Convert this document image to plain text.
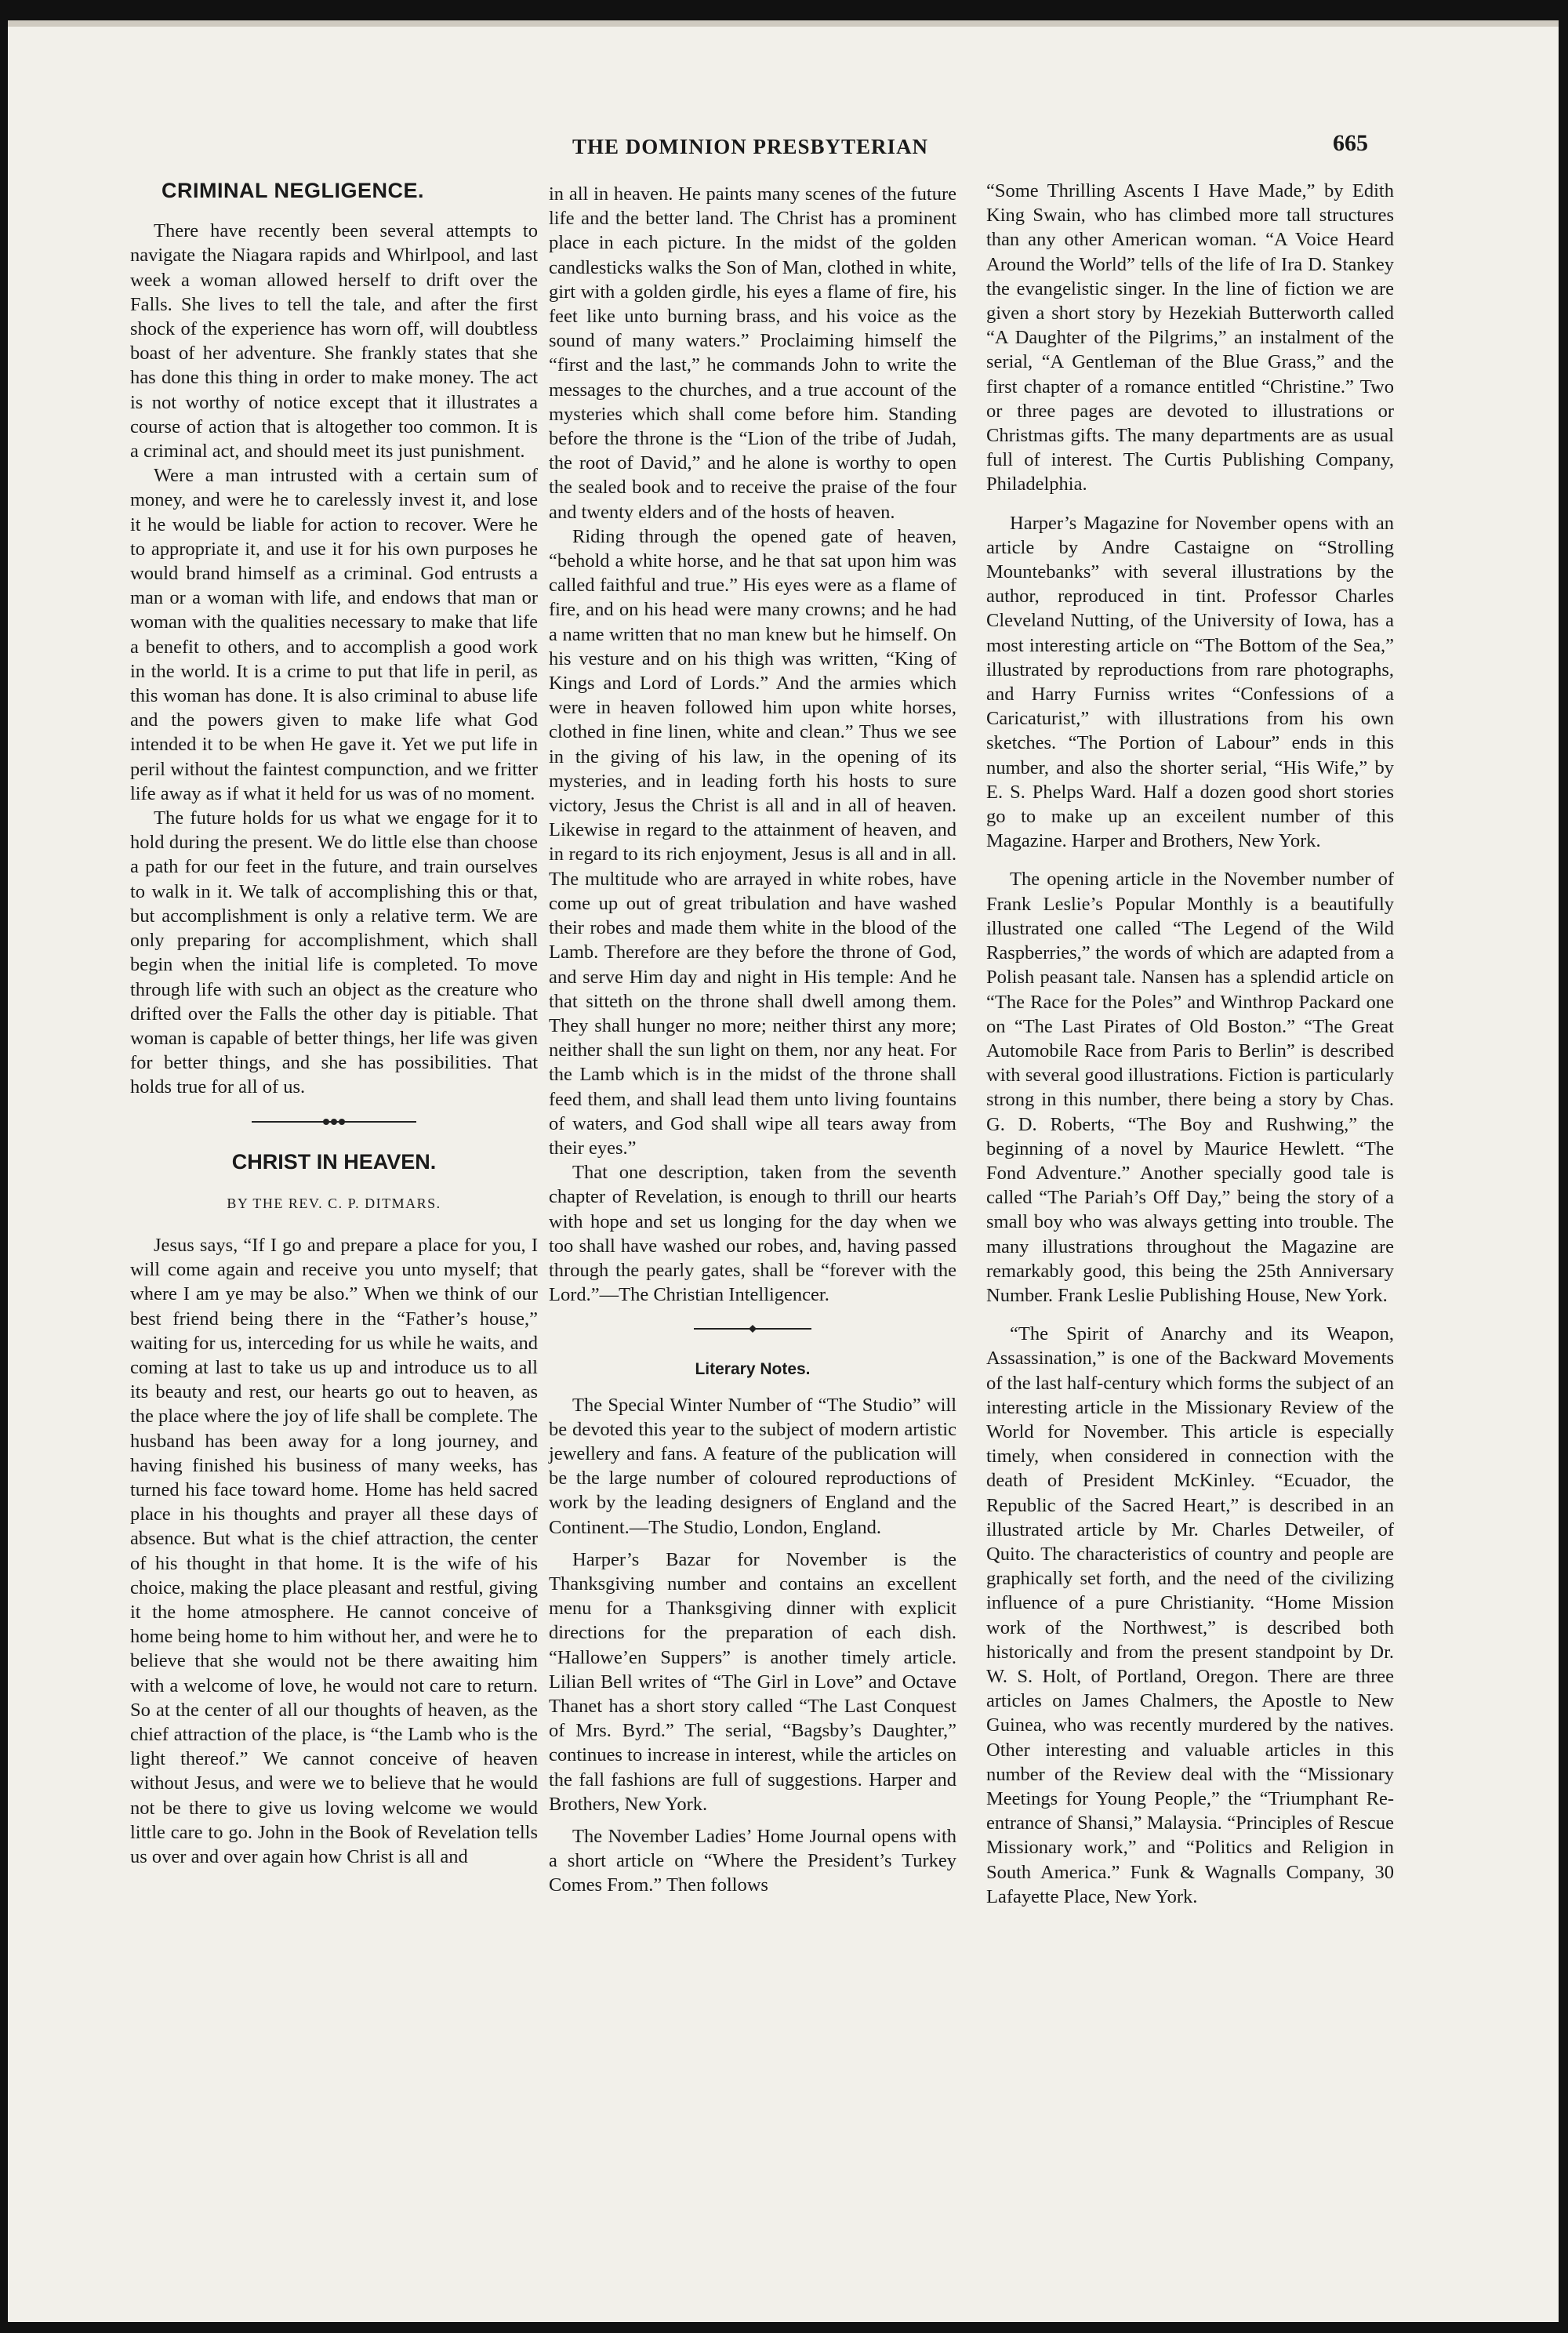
THE DOMINION PRESBYTERIAN	665
CRIMINAL NEGLIGENCE.

There have recently been several attempts to navigate the Niagara rapids and Whirlpool, and last week a woman allowed herself to drift over the Falls. She lives to tell the tale, and after the first shock of the experience has worn off, will doubtless boast of her adventure. She frankly states that she has done this thing in order to make money. The act is not worthy of notice except that it illustrates a course of action that is altogether too common. It is a criminal act, and should meet its just punishment.

Were a man intrusted with a certain sum of money, and were he to carelessly invest it, and lose it he would be liable for action to recover. Were he to appropriate it, and use it for his own purposes he would brand himself as a criminal. God entrusts a man or a woman with life, and endows that man or woman with the qualities necessary to make that life a benefit to others, and to accomplish a good work in the world. It is a crime to put that life in peril, as this woman has done. It is also criminal to abuse life and the powers given to make life what God intended it to be when He gave it. Yet we put life in peril without the faintest compunction, and we fritter life away as if what it held for us was of no moment.

The future holds for us what we engage for it to hold during the present. We do little else than choose a path for our feet in the future, and train ourselves to walk in it. We talk of accomplishing this or that, but accomplishment is only a relative term. We are only preparing for accomplishment, which shall begin when the initial life is completed. To move through life with such an object as the creature who drifted over the Falls the other day is pitiable. That woman is capable of better things, her life was given for better things, and she has possibilities. That holds true for all of us.

CHRIST IN HEAVEN.
BY THE REV. C. P. DITMARS.

Jesus says, “If I go and prepare a place for you, I will come again and receive you unto myself; that where I am ye may be also.” When we think of our best friend being there in the “Father’s house,” waiting for us, interceding for us while he waits, and coming at last to take us up and introduce us to all its beauty and rest, our hearts go out to heaven, as the place where the joy of life shall be complete. The husband has been away for a long journey, and having finished his business of many weeks, has turned his face toward home. Home has held sacred place in his thoughts and prayer all these days of absence. But what is the chief attraction, the center of his thought in that home. It is the wife of his choice, making the place pleasant and restful, giving it the home atmosphere. He cannot conceive of home being home to him without her, and were he to believe that she would not be there awaiting him with a welcome of love, he would not care to return. So at the center of all our thoughts of heaven, as the chief attraction of the place, is “the Lamb who is the light thereof.” We cannot conceive of heaven without Jesus, and were we to believe that he would not be there to give us loving welcome we would little care to go. John in the Book of Revelation tells us over and over again how Christ is all and

in all in heaven. He paints many scenes of the future life and the better land. The Christ has a prominent place in each picture. In the midst of the golden candlesticks walks the Son of Man, clothed in white, girt with a golden girdle, his eyes a flame of fire, his feet like unto burning brass, and his voice as the sound of many waters.” Proclaiming himself the “first and the last,” he commands John to write the messages to the churches, and a true account of the mysteries which shall come before him. Standing before the throne is the “Lion of the tribe of Judah, the root of David,” and he alone is worthy to open the sealed book and to receive the praise of the four and twenty elders and of the hosts of heaven.

Riding through the opened gate of heaven, “behold a white horse, and he that sat upon him was called faithful and true.” His eyes were as a flame of fire, and on his head were many crowns; and he had a name written that no man knew but he himself. On his vesture and on his thigh was written, “King of Kings and Lord of Lords.” And the armies which were in heaven followed him upon white horses, clothed in fine linen, white and clean.” Thus we see in the giving of his law, in the opening of its mysteries, and in leading forth his hosts to sure victory, Jesus the Christ is all and in all of heaven. Likewise in regard to the attainment of heaven, and in regard to its rich enjoyment, Jesus is all and in all. The multitude who are arrayed in white robes, have come up out of great tribulation and have washed their robes and made them white in the blood of the Lamb. Therefore are they before the throne of God, and serve Him day and night in His temple: And he that sitteth on the throne shall dwell among them. They shall hunger no more; neither thirst any more; neither shall the sun light on them, nor any heat. For the Lamb which is in the midst of the throne shall feed them, and shall lead them unto living fountains of waters, and God shall wipe all tears away from their eyes.”

That one description, taken from the seventh chapter of Revelation, is enough to thrill our hearts with hope and set us longing for the day when we too shall have washed our robes, and, having passed through the pearly gates, shall be “forever with the Lord.”—The Christian Intelligencer.

Literary Notes.

The Special Winter Number of “The Studio” will be devoted this year to the subject of modern artistic jewellery and fans. A feature of the publication will be the large number of coloured reproductions of work by the leading designers of England and the Continent.—The Studio, London, England.

Harper’s Bazar for November is the Thanksgiving number and contains an excellent menu for a Thanksgiving dinner with explicit directions for the preparation of each dish. “Hallowe’en Suppers” is another timely article. Lilian Bell writes of “The Girl in Love” and Octave Thanet has a short story called “The Last Conquest of Mrs. Byrd.” The serial, “Bagsby’s Daughter,” continues to increase in interest, while the articles on the fall fashions are full of suggestions. Harper and Brothers, New York.

The November Ladies’ Home Journal opens with a short article on “Where the President’s Turkey Comes From.” Then follows

“Some Thrilling Ascents I Have Made,” by Edith King Swain, who has climbed more tall structures than any other American woman. “A Voice Heard Around the World” tells of the life of Ira D. Stankey the evangelistic singer. In the line of fiction we are given a short story by Hezekiah Butterworth called “A Daughter of the Pilgrims,” an instalment of the serial, “A Gentleman of the Blue Grass,” and the first chapter of a romance entitled “Christine.” Two or three pages are devoted to illustrations or Christmas gifts. The many departments are as usual full of interest. The Curtis Publishing Company, Philadelphia.

Harper’s Magazine for November opens with an article by Andre Castaigne on “Strolling Mountebanks” with several illustrations by the author, reproduced in tint. Professor Charles Cleveland Nutting, of the University of Iowa, has a most interesting article on “The Bottom of the Sea,” illustrated by reproductions from rare photographs, and Harry Furniss writes “Confessions of a Caricaturist,” with illustrations from his own sketches. “The Portion of Labour” ends in this number, and also the shorter serial, “His Wife,” by E. S. Phelps Ward. Half a dozen good short stories go to make up an exceilent number of this Magazine. Harper and Brothers, New York.

The opening article in the November number of Frank Leslie’s Popular Monthly is a beautifully illustrated one called “The Legend of the Wild Raspberries,” the words of which are adapted from a Polish peasant tale. Nansen has a splendid article on “The Race for the Poles” and Winthrop Packard one on “The Last Pirates of Old Boston.” “The Great Automobile Race from Paris to Berlin” is described with several good illustrations. Fiction is particularly strong in this number, there being a story by Chas. G. D. Roberts, “The Boy and Rushwing,” the beginning of a novel by Maurice Hewlett. “The Fond Adventure.” Another specially good tale is called “The Pariah’s Off Day,” being the story of a small boy who was always getting into trouble. The many illustrations throughout the Magazine are remarkably good, this being the 25th Anniversary Number. Frank Leslie Publishing House, New York.

“The Spirit of Anarchy and its Weapon, Assassination,” is one of the Backward Movements of the last half-century which forms the subject of an interesting article in the Missionary Review of the World for November. This article is especially timely, when considered in connection with the death of President McKinley. “Ecuador, the Republic of the Sacred Heart,” is described in an illustrated article by Mr. Charles Detweiler, of Quito. The characteristics of country and people are graphically set forth, and the need of the civilizing influence of a pure Christianity. “Home Mission work of the Northwest,” is described both historically and from the present standpoint by Dr. W. S. Holt, of Portland, Oregon. There are three articles on James Chalmers, the Apostle to New Guinea, who was recently murdered by the natives. Other interesting and valuable articles in this number of the Review deal with the “Missionary Meetings for Young People,” the “Triumphant Re-entrance of Shansi,” Malaysia. “Principles of Rescue Missionary work,” and “Politics and Religion in South America.” Funk & Wagnalls Company, 30 Lafayette Place, New York.
